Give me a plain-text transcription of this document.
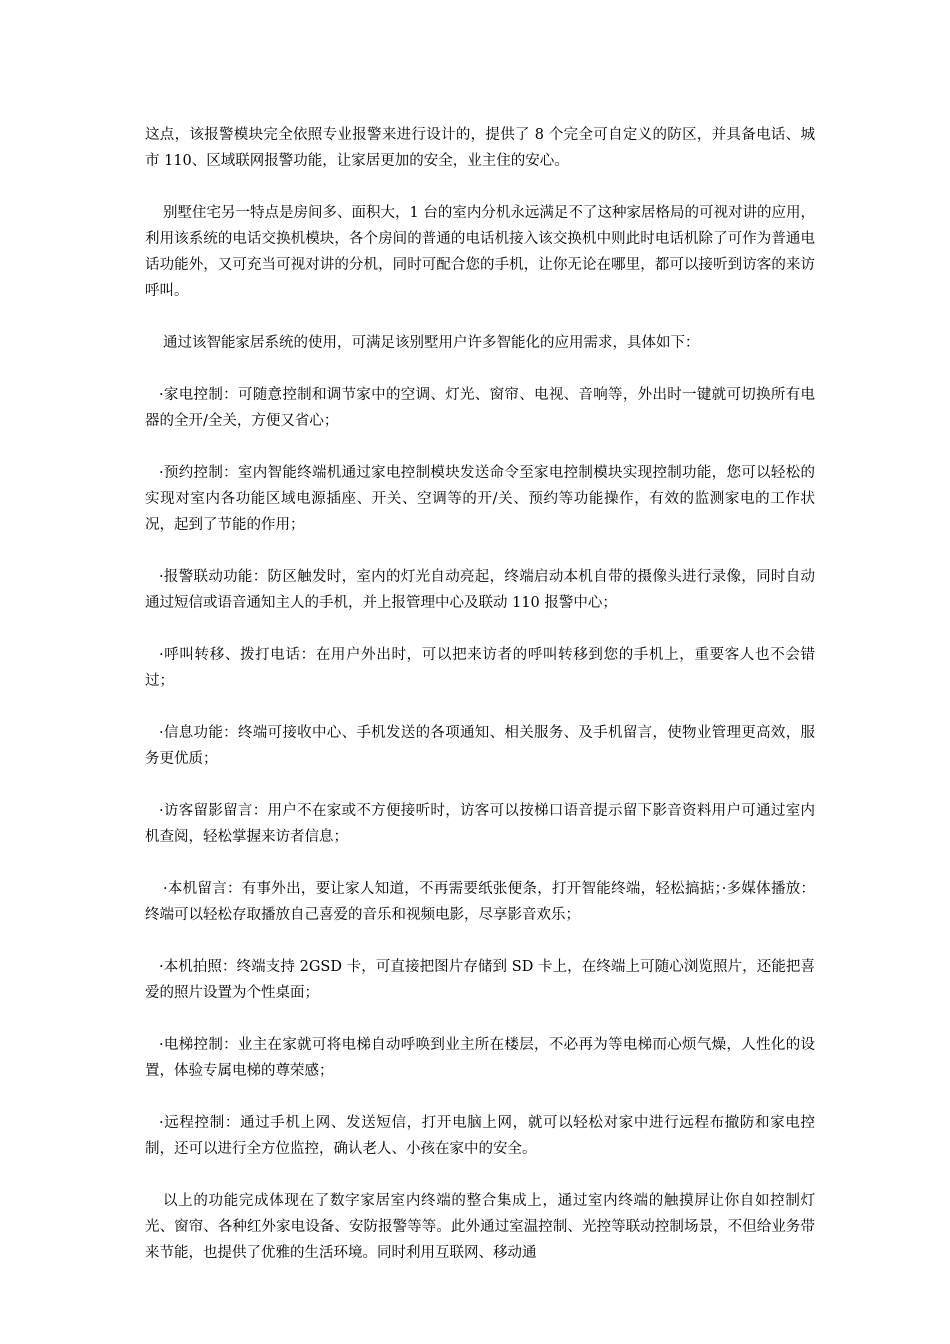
这点，该报警模块完全依照专业报警来进行设计的，提供了 8 个完全可自定义的防区，并具备电话、城市 110、区域联网报警功能，让家居更加的安全，业主住的安心。

别墅住宅另一特点是房间多、面积大，1 台的室内分机永远满足不了这种家居格局的可视对讲的应用，利用该系统的电话交换机模块，各个房间的普通的电话机接入该交换机中则此时电话机除了可作为普通电话功能外，又可充当可视对讲的分机，同时可配合您的手机，让你无论在哪里，都可以接听到访客的来访呼叫。

通过该智能家居系统的使用，可满足该别墅用户许多智能化的应用需求，具体如下：

·家电控制：可随意控制和调节家中的空调、灯光、窗帘、电视、音响等，外出时一键就可切换所有电器的全开/全关，方便又省心；

·预约控制：室内智能终端机通过家电控制模块发送命令至家电控制模块实现控制功能，您可以轻松的实现对室内各功能区域电源插座、开关、空调等的开/关、预约等功能操作，有效的监测家电的工作状况，起到了节能的作用；

·报警联动功能：防区触发时，室内的灯光自动亮起，终端启动本机自带的摄像头进行录像，同时自动通过短信或语音通知主人的手机，并上报管理中心及联动 110 报警中心；

·呼叫转移、拨打电话：在用户外出时，可以把来访者的呼叫转移到您的手机上，重要客人也不会错过；

·信息功能：终端可接收中心、手机发送的各项通知、相关服务、及手机留言，使物业管理更高效，服务更优质；

·访客留影留言：用户不在家或不方便接听时，访客可以按梯口语音提示留下影音资料用户可通过室内机查阅，轻松掌握来访者信息；

·本机留言：有事外出，要让家人知道，不再需要纸张便条，打开智能终端，轻松搞掂；·多媒体播放：终端可以轻松存取播放自己喜爱的音乐和视频电影，尽享影音欢乐；

·本机拍照：终端支持 2GSD 卡，可直接把图片存储到 SD 卡上，在终端上可随心浏览照片，还能把喜爱的照片设置为个性桌面；

·电梯控制：业主在家就可将电梯自动呼唤到业主所在楼层，不必再为等电梯而心烦气燥，人性化的设置，体验专属电梯的尊荣感；

·远程控制：通过手机上网、发送短信，打开电脑上网，就可以轻松对家中进行远程布撤防和家电控制，还可以进行全方位监控，确认老人、小孩在家中的安全。

以上的功能完成体现在了数字家居室内终端的整合集成上，通过室内终端的触摸屏让你自如控制灯光、窗帘、各种红外家电设备、安防报警等等。此外通过室温控制、光控等联动控制场景，不但给业务带来节能，也提供了优雅的生活环境。同时利用互联网、移动通
